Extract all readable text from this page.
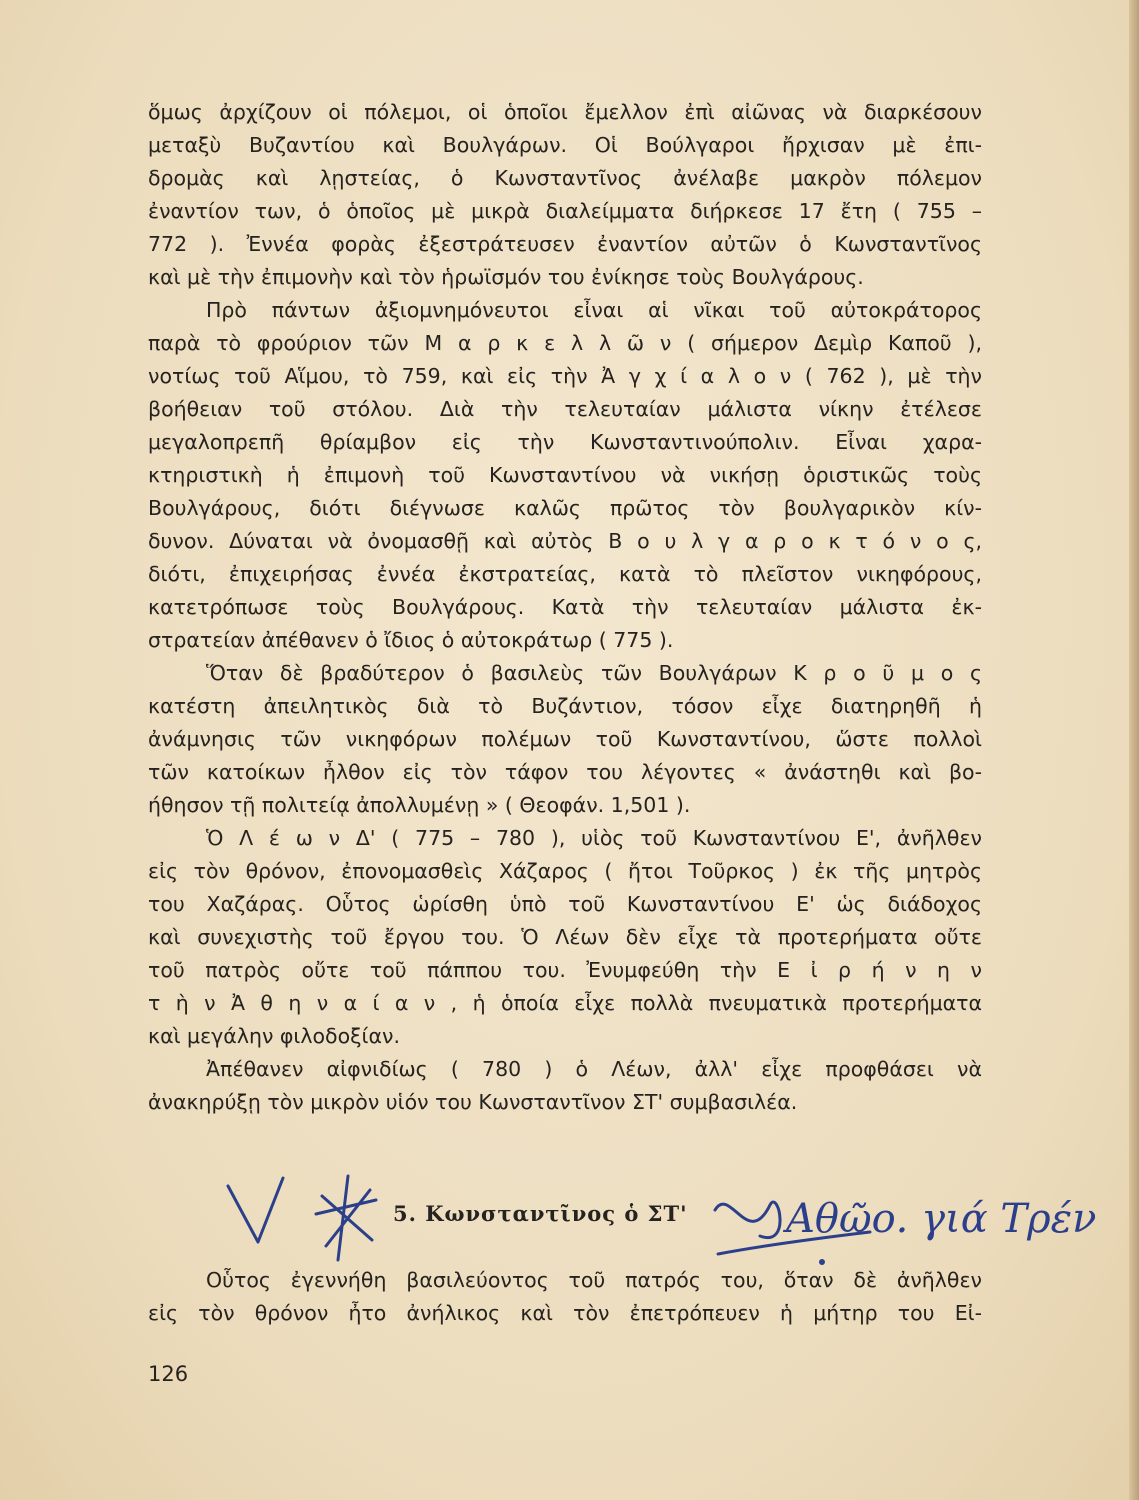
ὅμως ἀρχίζουν οἱ πόλεμοι, οἱ ὁποῖοι ἔμελλον ἐπὶ αἰῶνας νὰ διαρκέσουν
μεταξὺ Βυζαντίου καὶ Βουλγάρων. Οἱ Βούλγαροι ἤρχισαν μὲ ἐπι-
δρομὰς καὶ λῃστείας, ὁ Κωνσταντῖνος ἀνέλαβε μακρὸν πόλεμον
ἐναντίον των, ὁ ὁποῖος μὲ μικρὰ διαλείμματα διήρκεσε 17 ἔτη ( 755 –
772 ). Ἐννέα φορὰς ἐξεστράτευσεν ἐναντίον αὐτῶν ὁ Κωνσταντῖνος
καὶ μὲ τὴν ἐπιμονὴν καὶ τὸν ἡρωϊσμόν του ἐνίκησε τοὺς Βουλγάρους.
Πρὸ πάντων ἀξιομνημόνευτοι εἶναι αἱ νῖκαι τοῦ αὐτοκράτορος
παρὰ τὸ φρούριον τῶν Μ α ρ κ ε λ λ ῶ ν ( σήμερον Δεμὶρ Καποῦ ),
νοτίως τοῦ Αἵμου, τὸ 759, καὶ εἰς τὴν Ἀ γ χ ί α λ ο ν ( 762 ), μὲ τὴν
βοήθειαν τοῦ στόλου. Διὰ τὴν τελευταίαν μάλιστα νίκην ἐτέλεσε
μεγαλοπρεπῆ θρίαμβον εἰς τὴν Κωνσταντινούπολιν. Εἶναι χαρα-
κτηριστικὴ ἡ ἐπιμονὴ τοῦ Κωνσταντίνου νὰ νικήσῃ ὁριστικῶς τοὺς
Βουλγάρους, διότι διέγνωσε καλῶς πρῶτος τὸν βουλγαρικὸν κίν-
δυνον. Δύναται νὰ ὀνομασθῇ καὶ αὐτὸς Β ο υ λ γ α ρ ο κ τ ό ν ο ς,
διότι, ἐπιχειρήσας ἐννέα ἐκστρατείας, κατὰ τὸ πλεῖστον νικηφόρους,
κατετρόπωσε τοὺς Βουλγάρους. Κατὰ τὴν τελευταίαν μάλιστα ἐκ-
στρατείαν ἀπέθανεν ὁ ἴδιος ὁ αὐτοκράτωρ ( 775 ).
Ὅταν δὲ βραδύτερον ὁ βασιλεὺς τῶν Βουλγάρων Κ ρ ο ῦ μ ο ς
κατέστη ἀπειλητικὸς διὰ τὸ Βυζάντιον, τόσον εἶχε διατηρηθῆ ἡ
ἀνάμνησις τῶν νικηφόρων πολέμων τοῦ Κωνσταντίνου, ὥστε πολλοὶ
τῶν κατοίκων ἦλθον εἰς τὸν τάφον του λέγοντες « ἀνάστηθι καὶ βο-
ήθησον τῇ πολιτείᾳ ἀπολλυμένῃ » ( Θεοφάν. 1,501 ).
Ὁ Λ έ ω ν Δ' ( 775 – 780 ), υἱὸς τοῦ Κωνσταντίνου Ε', ἀνῆλθεν
εἰς τὸν θρόνον, ἐπονομασθεὶς Χάζαρος ( ἤτοι Τοῦρκος ) ἐκ τῆς μητρὸς
του Χαζάρας. Οὗτος ὡρίσθη ὑπὸ τοῦ Κωνσταντίνου Ε' ὡς διάδοχος
καὶ συνεχιστὴς τοῦ ἔργου του. Ὁ Λέων δὲν εἶχε τὰ προτερήματα οὔτε
τοῦ πατρὸς οὔτε τοῦ πάππου του. Ἐνυμφεύθη τὴν Ε ἰ ρ ή ν η ν
τ ὴ ν Ἀ θ η ν α ί α ν , ἡ ὁποία εἶχε πολλὰ πνευματικὰ προτερήματα
καὶ μεγάλην φιλοδοξίαν.
Ἀπέθανεν αἰφνιδίως ( 780 ) ὁ Λέων, ἀλλ' εἶχε προφθάσει νὰ
ἀνακηρύξῃ τὸν μικρὸν υἱόν του Κωνσταντῖνον ΣΤ' συμβασιλέα.
5. Κωνσταντῖνος ὁ ΣΤ'
Οὗτος ἐγεννήθη βασιλεύοντος τοῦ πατρός του, ὅταν δὲ ἀνῆλθεν
εἰς τὸν θρόνον ἦτο ἀνήλικος καὶ τὸν ἐπετρόπευεν ἡ μήτηρ του Εἰ-
126
Αθῶο. γιά Τρέν
